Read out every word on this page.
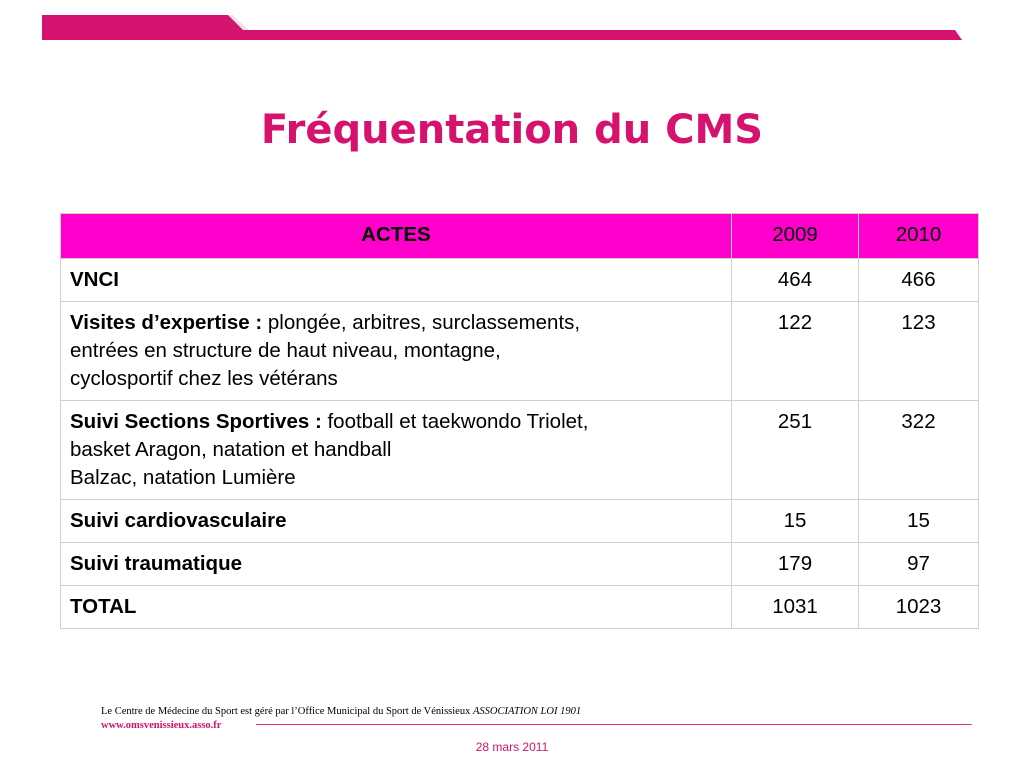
Fréquentation du CMS
ACTES	2009	2010
VNCI	464	466
Visites d’expertise : plongée, arbitres, surclassements,
entrées en structure de haut niveau, montagne,
cyclosportif chez les vétérans	122	123
Suivi Sections Sportives : football et taekwondo Triolet,
basket Aragon, natation et handball
Balzac, natation Lumière	251	322
Suivi cardiovasculaire	15	15
Suivi traumatique	179	97
TOTAL	1031	1023
Le Centre de Médecine du Sport est géré par l’Office Municipal du Sport de Vénissieux ASSOCIATION LOI 1901
www.omsvenissieux.asso.fr
28 mars 2011
